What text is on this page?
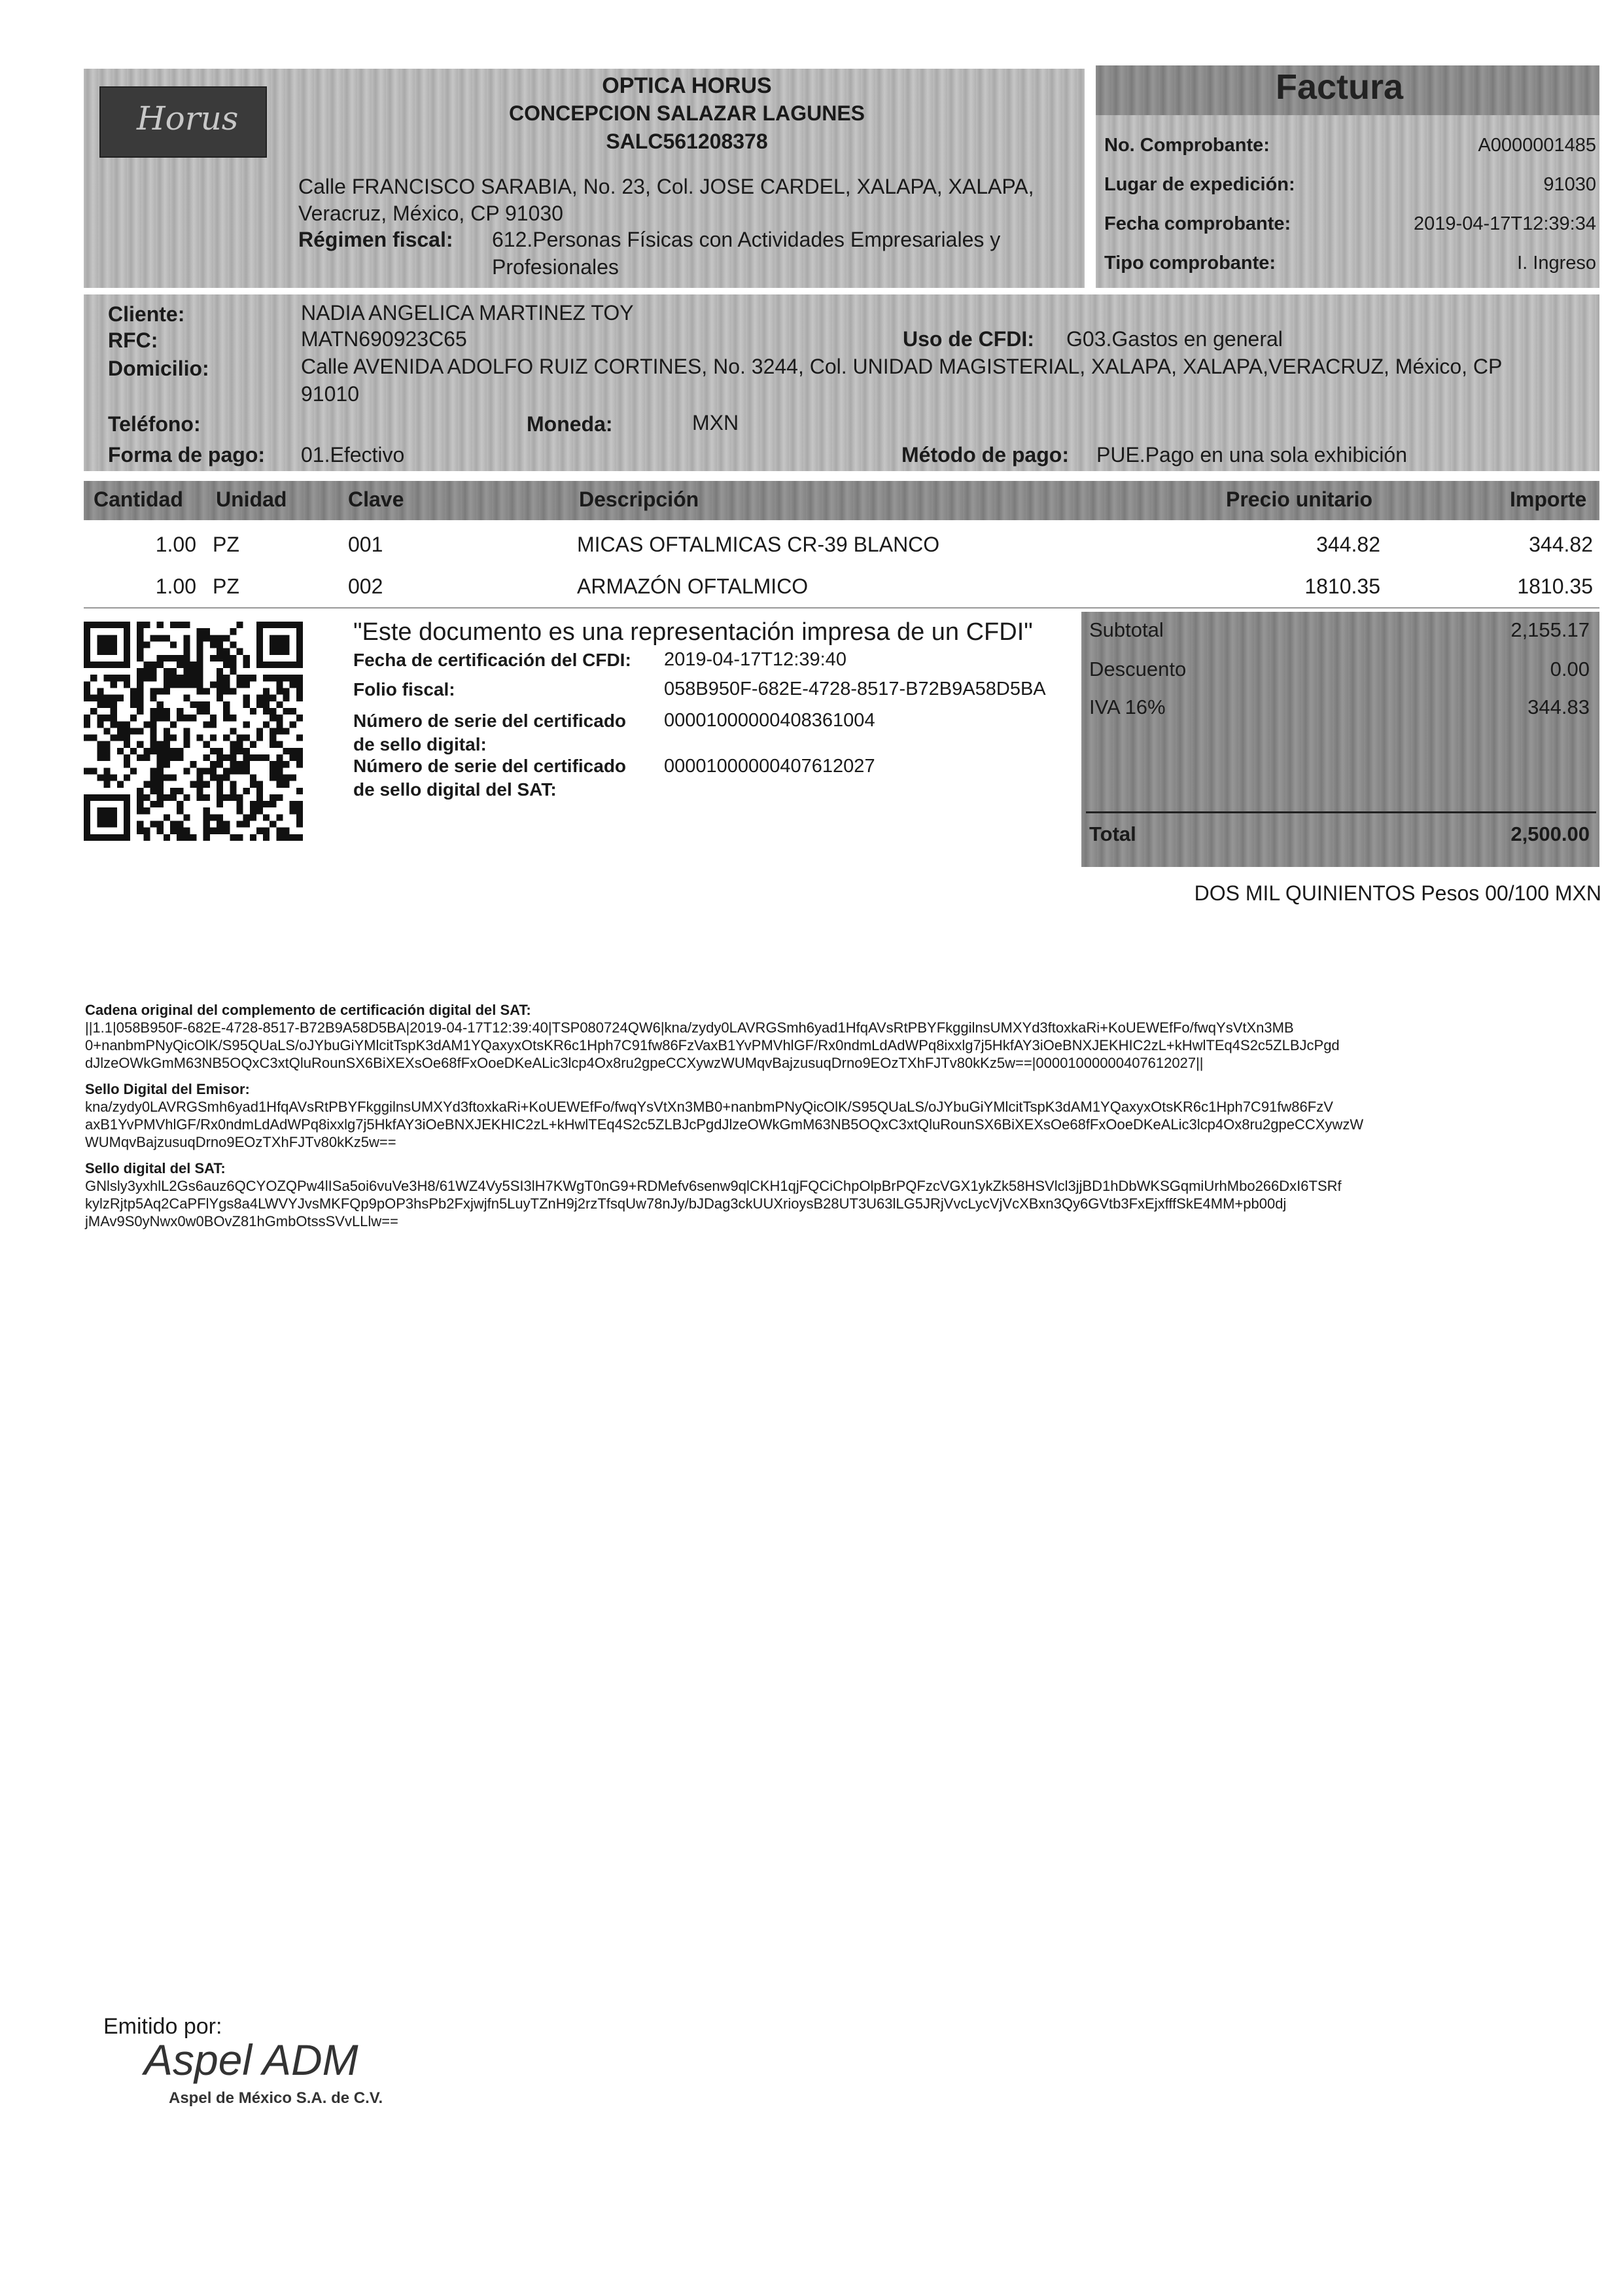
Horus
OPTICA HORUS
CONCEPCION SALAZAR LAGUNES
SALC561208378
Calle FRANCISCO SARABIA, No. 23, Col. JOSE CARDEL, XALAPA, XALAPA,
Veracruz, México, CP 91030
Régimen fiscal: 612.Personas Físicas con Actividades Empresariales y
Profesionales
Factura
No. Comprobante:	A0000001485
Lugar de expedición:	91030
Fecha comprobante:	2019-04-17T12:39:34
Tipo comprobante:	I. Ingreso
Cliente:	NADIA ANGELICA MARTINEZ TOY
RFC:	MATN690923C65	Uso de CFDI: G03.Gastos en general
Domicilio:	Calle AVENIDA ADOLFO RUIZ CORTINES, No. 3244, Col. UNIDAD MAGISTERIAL, XALAPA, XALAPA,VERACRUZ, México, CP
91010
Teléfono:	Moneda:	MXN
Forma de pago: 01.Efectivo	Método de pago: PUE.Pago en una sola exhibición
Cantidad Unidad	Clave	Descripción	Precio unitario	Importe
1.00 PZ	001	MICAS OFTALMICAS CR-39 BLANCO	344.82	344.82
1.00 PZ	002	ARMAZÓN OFTALMICO	1810.35	1810.35
"Este documento es una representación impresa de un CFDI"
Fecha de certificación del CFDI: 2019-04-17T12:39:40
Folio fiscal:	058B950F-682E-4728-8517-B72B9A58D5BA
Número de serie del certificado
de sello digital:
00001000000408361004
Número de serie del certificado
de sello digital del SAT:
00001000000407612027
Subtotal	2,155.17
Descuento	0.00
IVA 16%	344.83
Total	2,500.00
DOS MIL QUINIENTOS Pesos 00/100 MXN
Cadena original del complemento de certificación digital del SAT:
||1.1|058B950F-682E-4728-8517-B72B9A58D5BA|2019-04-17T12:39:40|TSP080724QW6|kna/zydy0LAVRGSmh6yad1HfqAVsRtPBYFkggilnsUMXYd3ftoxkaRi+KoUEWEfFo/fwqYsVtXn3MB
0+nanbmPNyQicOlK/S95QUaLS/oJYbuGiYMlcitTspK3dAM1YQaxyxOtsKR6c1Hph7C91fw86FzVaxB1YvPMVhlGF/Rx0ndmLdAdWPq8ixxlg7j5HkfAY3iOeBNXJEKHIC2zL+kHwlTEq4S2c5ZLBJcPgd
dJlzeOWkGmM63NB5OQxC3xtQluRounSX6BiXEXsOe68fFxOoeDKeALic3lcp4Ox8ru2gpeCCXywzWUMqvBajzusuqDrno9EOzTXhFJTv80kKz5w==|00001000000407612027||
Sello Digital del Emisor:
kna/zydy0LAVRGSmh6yad1HfqAVsRtPBYFkggilnsUMXYd3ftoxkaRi+KoUEWEfFo/fwqYsVtXn3MB0+nanbmPNyQicOlK/S95QUaLS/oJYbuGiYMlcitTspK3dAM1YQaxyxOtsKR6c1Hph7C91fw86FzV
axB1YvPMVhlGF/Rx0ndmLdAdWPq8ixxlg7j5HkfAY3iOeBNXJEKHIC2zL+kHwlTEq4S2c5ZLBJcPgdJlzeOWkGmM63NB5OQxC3xtQluRounSX6BiXEXsOe68fFxOoeDKeALic3lcp4Ox8ru2gpeCCXywzW
WUMqvBajzusuqDrno9EOzTXhFJTv80kKz5w==
Sello digital del SAT:
GNlsly3yxhlL2Gs6auz6QCYOZQPw4lISa5oi6vuVe3H8/61WZ4Vy5SI3lH7KWgT0nG9+RDMefv6senw9qlCKH1qjFQCiChpOlpBrPQFzcVGX1ykZk58HSVlcl3jjBD1hDbWKSGqmiUrhMbo266DxI6TSRf
kylzRjtp5Aq2CaPFlYgs8a4LWVYJvsMKFQp9pOP3hsPb2Fxjwjfn5LuyTZnH9j2rzTfsqUw78nJy/bJDag3ckUUXrioysB28UT3U63lLG5JRjVvcLycVjVcXBxn3Qy6GVtb3FxEjxfffSkE4MM+pb00dj
jMAv9S0yNwx0w0BOvZ81hGmbOtssSVvLLlw==
Emitido por:
Aspel ADM
Aspel de México S.A. de C.V.
